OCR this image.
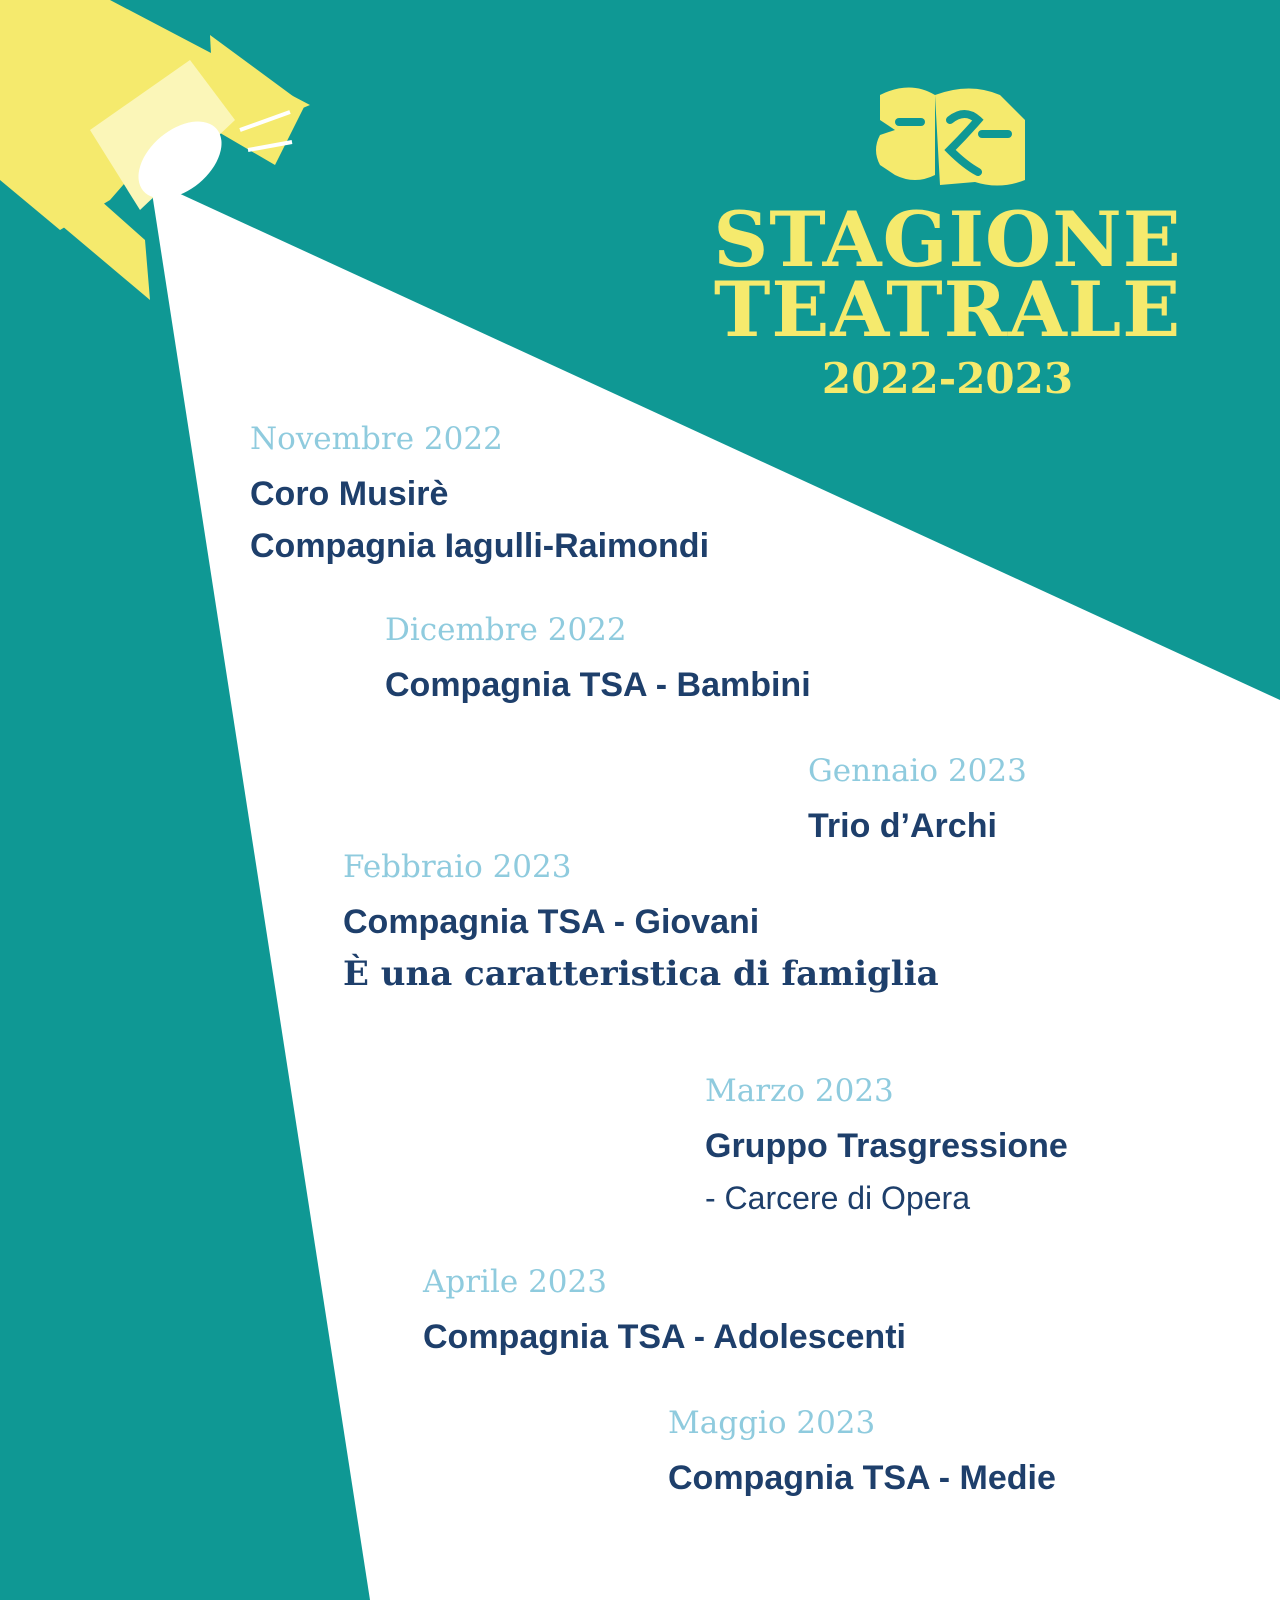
STAGIONE
TEATRALE
2022-2023
Novembre 2022
Coro Musirè
Compagnia Iagulli-Raimondi
Dicembre 2022
Compagnia TSA - Bambini
Gennaio 2023
Trio d’Archi
Febbraio 2023
Compagnia TSA - Giovani
È una caratteristica di famiglia
Marzo 2023
Gruppo Trasgressione
- Carcere di Opera
Aprile 2023
Compagnia TSA - Adolescenti
Maggio 2023
Compagnia TSA - Medie
